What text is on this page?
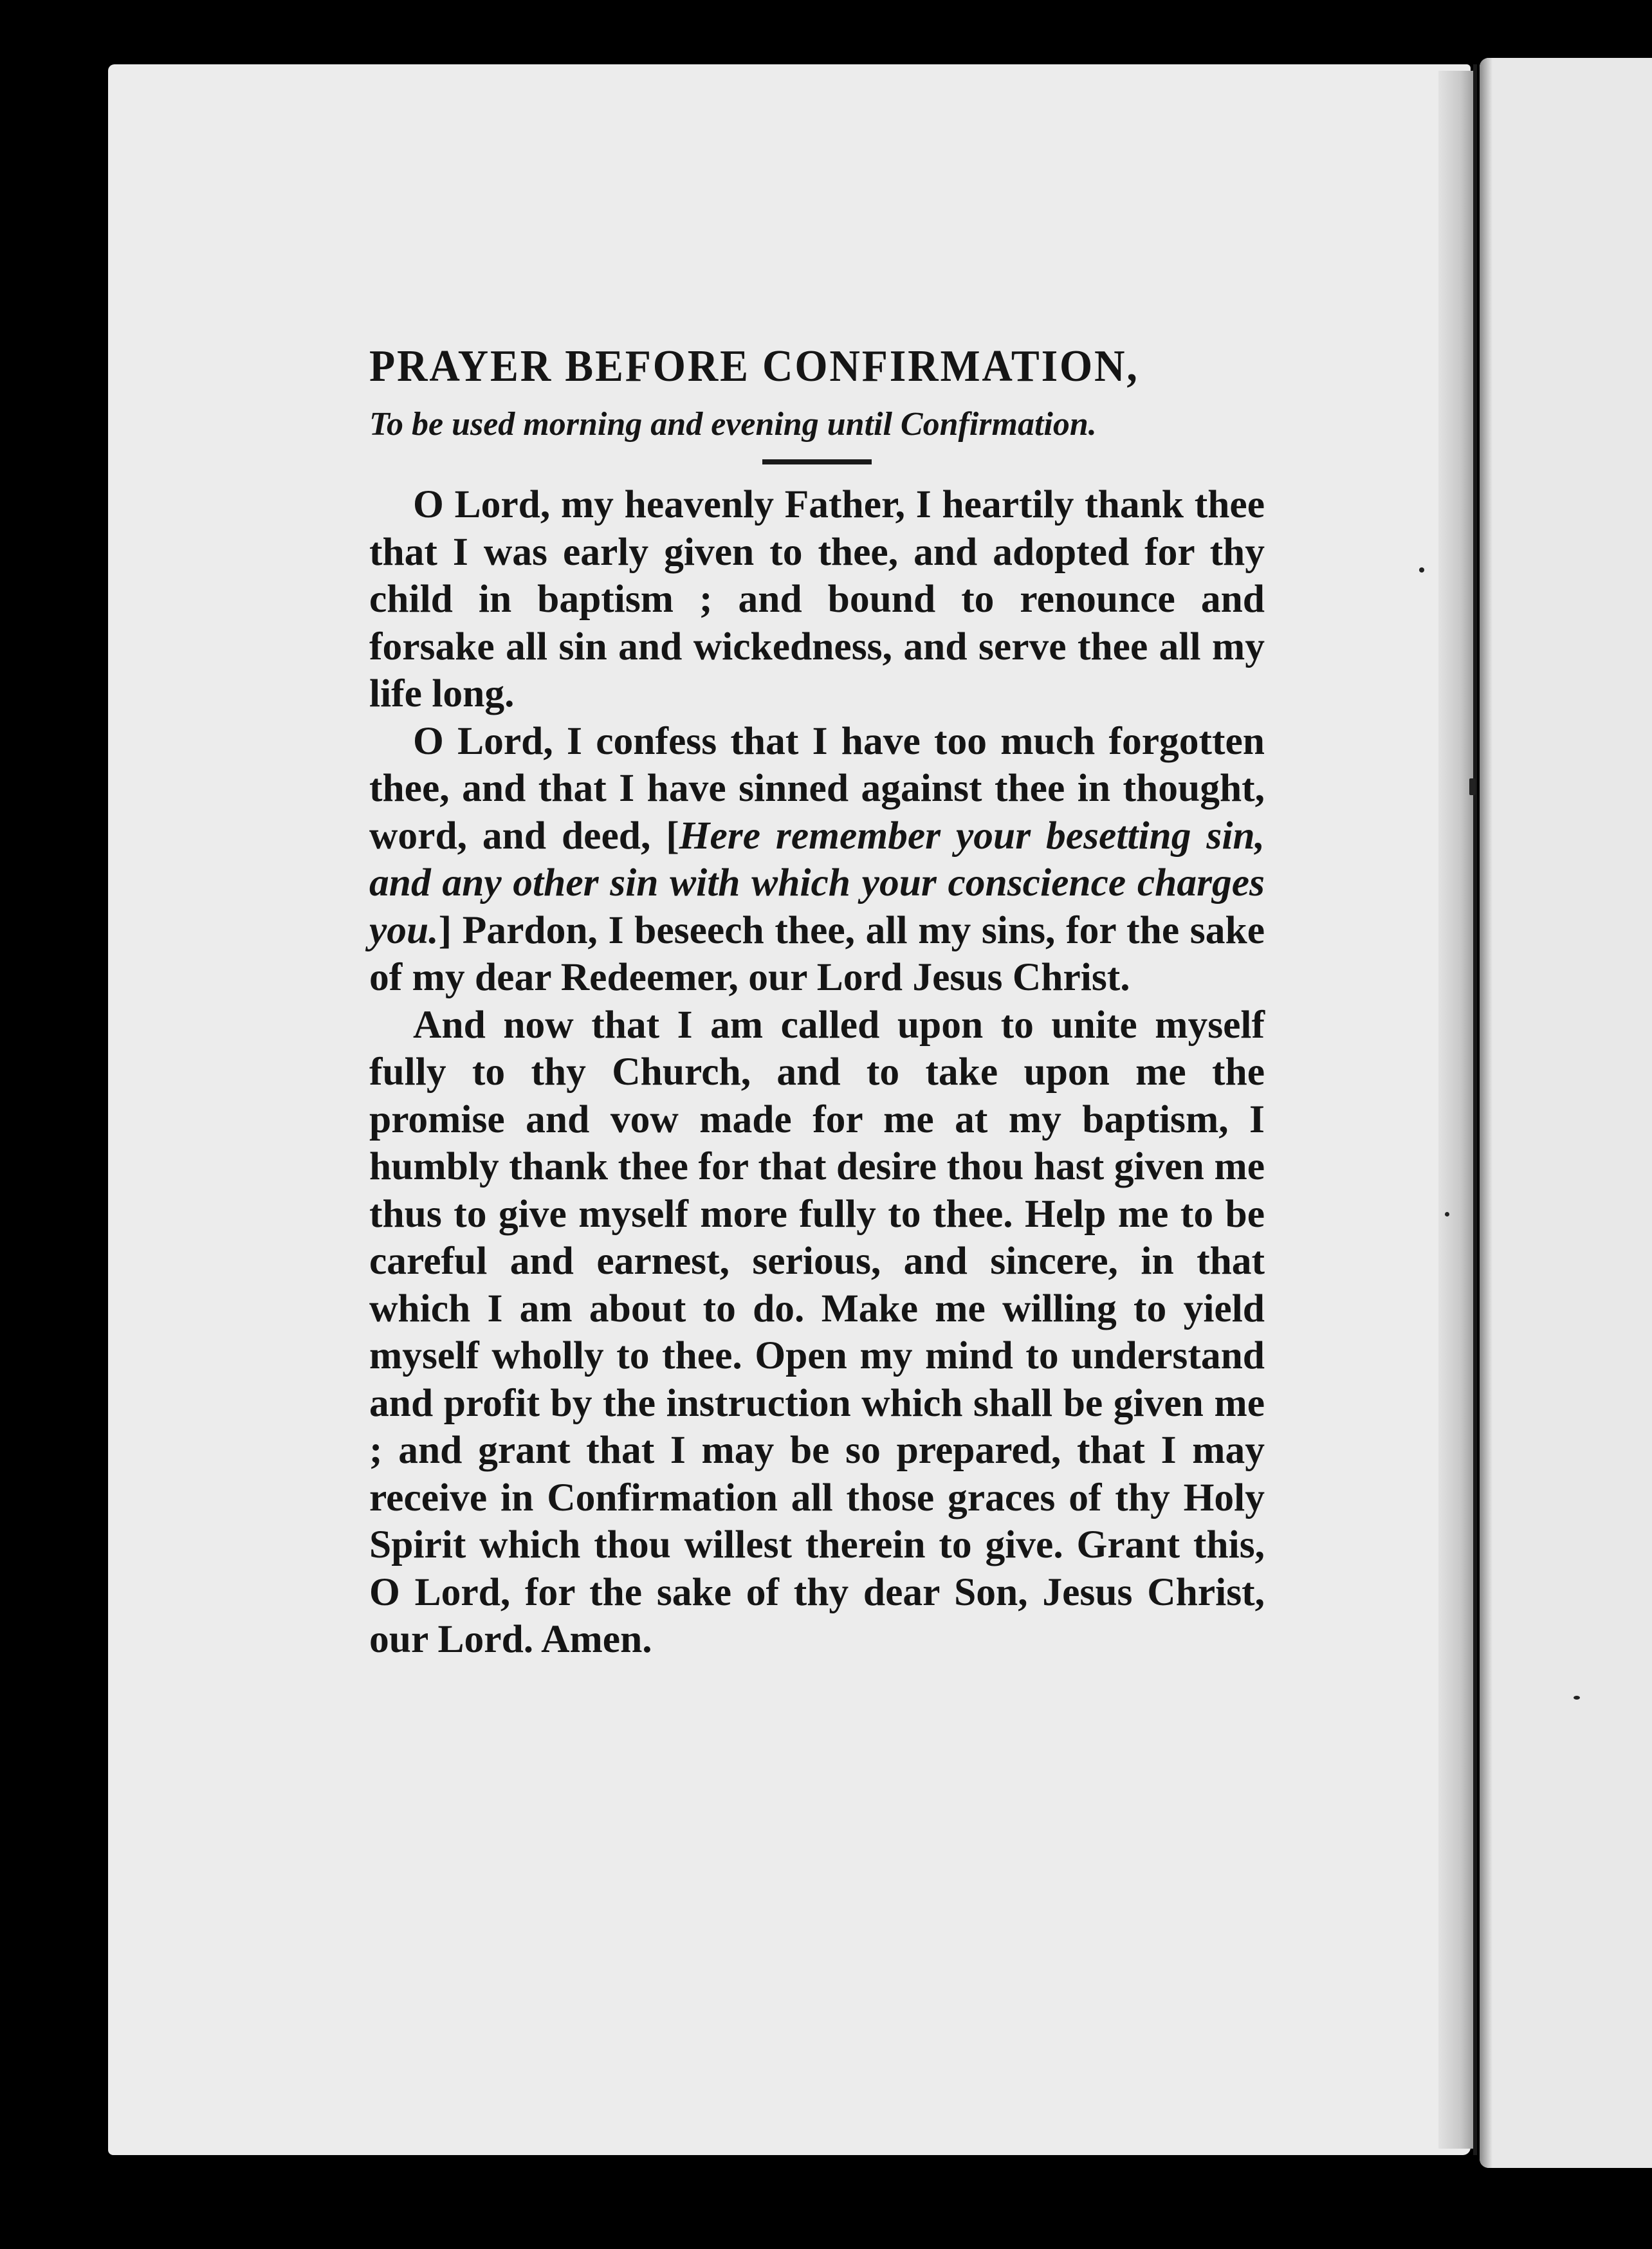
PRAYER BEFORE CONFIRMATION,

To be used morning and evening until Confirmation.

O Lord, my heavenly Father, I heartily thank thee that I was early given to thee, and adopted for thy child in baptism ; and bound to renounce and forsake all sin and wickedness, and serve thee all my life long.

O Lord, I confess that I have too much forgotten thee, and that I have sinned against thee in thought, word, and deed, [Here remember your besetting sin, and any other sin with which your conscience charges you.] Pardon, I beseech thee, all my sins, for the sake of my dear Redeemer, our Lord Jesus Christ.

And now that I am called upon to unite myself fully to thy Church, and to take upon me the promise and vow made for me at my baptism, I humbly thank thee for that desire thou hast given me thus to give myself more fully to thee. Help me to be careful and earnest, serious, and sincere, in that which I am about to do. Make me willing to yield myself wholly to thee. Open my mind to understand and profit by the instruction which shall be given me ; and grant that I may be so prepared, that I may receive in Confirmation all those graces of thy Holy Spirit which thou willest therein to give. Grant this, O Lord, for the sake of thy dear Son, Jesus Christ, our Lord. Amen.
